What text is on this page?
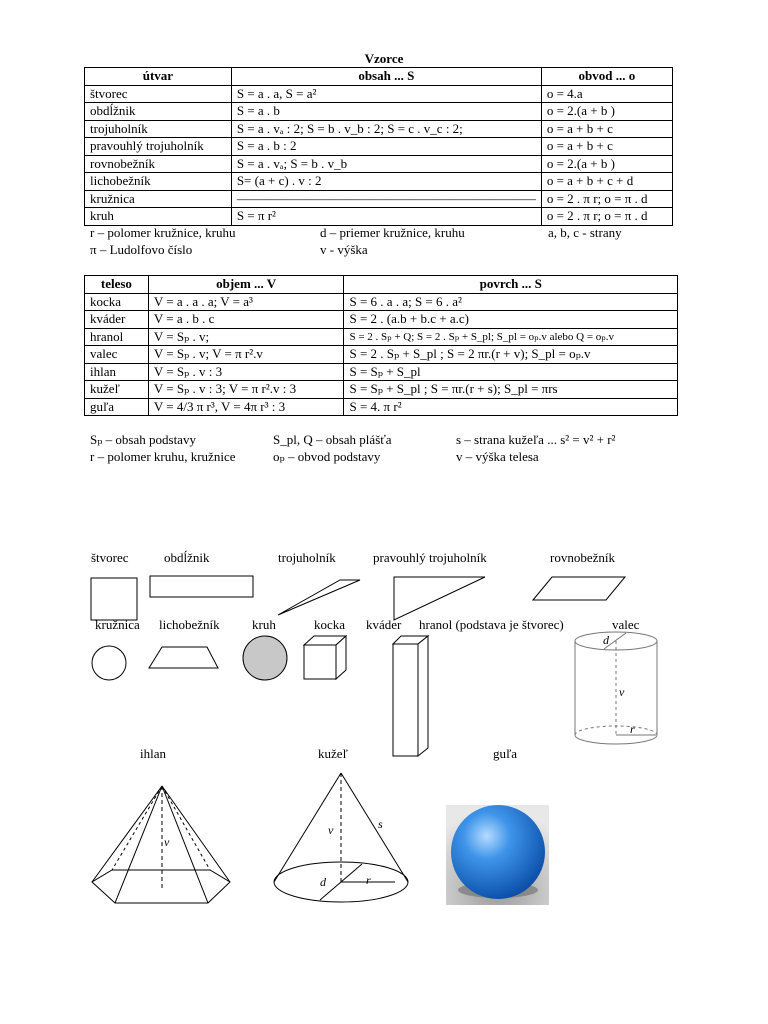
Vzorce
útvar	obsah ... S	obvod ... o
štvorec	S = a . a, S = a²	o = 4.a
obdĺžnik	S = a . b	o = 2.(a + b )
trojuholník	S = a . vₐ : 2; S = b . v_b : 2; S = c . v_c : 2;	o = a + b + c
pravouhlý trojuholník	S = a . b : 2	o = a + b + c
rovnobežník	S = a . vₐ; S = b . v_b	o = 2.(a + b )
lichobežník	S= (a + c) . v : 2	o = a + b + c + d
kružnica	———————————————————————	o = 2 . π r; o = π . d
kruh	S = π r²	o = 2 . π r; o = π . d
r – polomer kružnice, kruhu	d – priemer kružnice, kruhu	a, b, c - strany
π – Ludolfovo číslo	v - výška
teleso	objem ... V	povrch ... S
kocka	V = a . a . a; V = a³	S = 6 . a . a; S = 6 . a²
kváder	V = a . b . c	S = 2 . (a.b + b.c + a.c)
hranol	V = Sₚ . v;	S = 2 . Sₚ + Q; S = 2 . Sₚ + S_pl; S_pl = oₚ.v alebo Q = oₚ.v
valec	V = Sₚ . v; V = π r².v	S = 2 . Sₚ + S_pl ; S = 2 πr.(r + v); S_pl = oₚ.v
ihlan	V = Sₚ . v : 3	S = Sₚ + S_pl
kužeľ	V = Sₚ . v : 3; V = π r².v : 3	S = Sₚ + S_pl ; S = πr.(r + s); S_pl = πrs
guľa	V = 4/3 π r³, V = 4π r³ : 3	S = 4. π r²
Sₚ – obsah podstavy	S_pl, Q – obsah plášťa	s – strana kužeľa ... s² = v² + r²
r – polomer kruhu, kružnice	oₚ – obvod podstavy	v – výška telesa
d
v
r
v
v	s
d	r
štvorec	obdĺžnik	trojuholník	pravouhlý trojuholník	rovnobežník
kružnica lichobežník kruh	kocka kváder hranol (podstava je štvorec)	valec
ihlan	kužeľ	guľa
